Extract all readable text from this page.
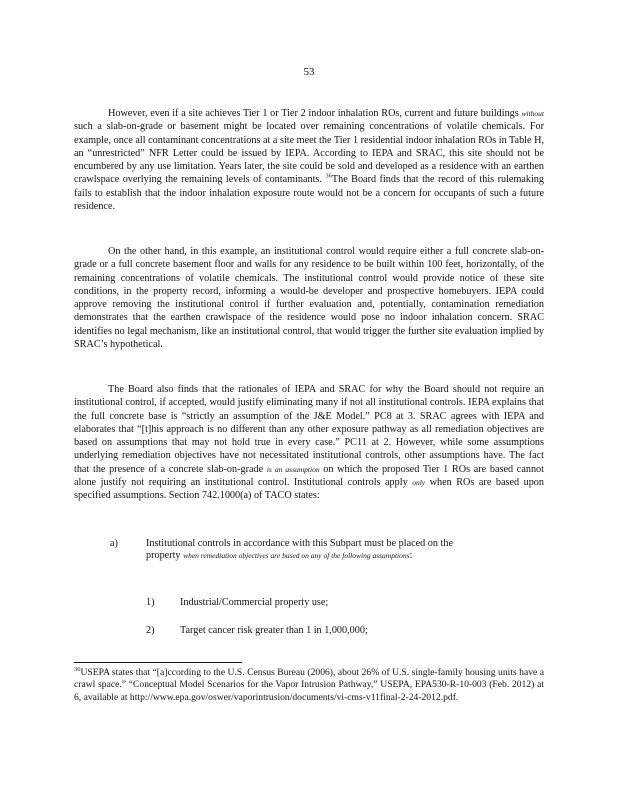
53

However, even if a site achieves Tier 1 or Tier 2 indoor inhalation ROs, current and future buildings without such a slab-on-grade or basement might be located over remaining concentrations of volatile chemicals. For example, once all contaminant concentrations at a site meet the Tier 1 residential indoor inhalation ROs in Table H, an “unrestricted” NFR Letter could be issued by IEPA. According to IEPA and SRAC, this site should not be encumbered by any use limitation. Years later, the site could be sold and developed as a residence with an earthen crawlspace overlying the remaining levels of contaminants. $^{36}$The Board finds that the record of this rulemaking fails to establish that the indoor inhalation exposure route would not be a concern for occupants of such a future residence.

On the other hand, in this example, an institutional control would require either a full concrete slab-on-grade or a full concrete basement floor and walls for any residence to be built within 100 feet, horizontally, of the remaining concentrations of volatile chemicals. The institutional control would provide notice of these site conditions, in the property record, informing a would-be developer and prospective homebuyers. IEPA could approve removing the institutional control if further evaluation and, potentially, contamination remediation demonstrates that the earthen crawlspace of the residence would pose no indoor inhalation concern. SRAC identifies no legal mechanism, like an institutional control, that would trigger the further site evaluation implied by SRAC’s hypothetical.

The Board also finds that the rationales of IEPA and SRAC for why the Board should not require an institutional control, if accepted, would justify eliminating many if not all institutional controls. IEPA explains that the full concrete base is “strictly an assumption of the J&E Model.” PC8 at 3. SRAC agrees with IEPA and elaborates that “[t]his approach is no different than any other exposure pathway as all remediation objectives are based on assumptions that may not hold true in every case.” PC11 at 2. However, while some assumptions underlying remediation objectives have not necessitated institutional controls, other assumptions have. The fact that the presence of a concrete slab-on-grade is an assumption on which the proposed Tier 1 ROs are based cannot alone justify not requiring an institutional control. Institutional controls apply only when ROs are based upon specified assumptions. Section 742.1000(a) of TACO states:

a)	Institutional controls in accordance with this Subpart must be placed on the property when remediation objectives are based on any of the following assumptions:
1)	Industrial/Commercial property use;
2)	Target cancer risk greater than 1 in 1,000,000;

$^{36}$USEPA states that “[a]ccording to the U.S. Census Bureau (2006), about 26% of U.S. single-family housing units have a crawl space.” “Conceptual Model Scenarios for the Vapor Intrusion Pathway,” USEPA, EPA530-R-10-003 (Feb. 2012) at 6, available at http://www.epa.gov/oswer/vaporintrusion/documents/vi-cms-v11final-2-24-2012.pdf.
